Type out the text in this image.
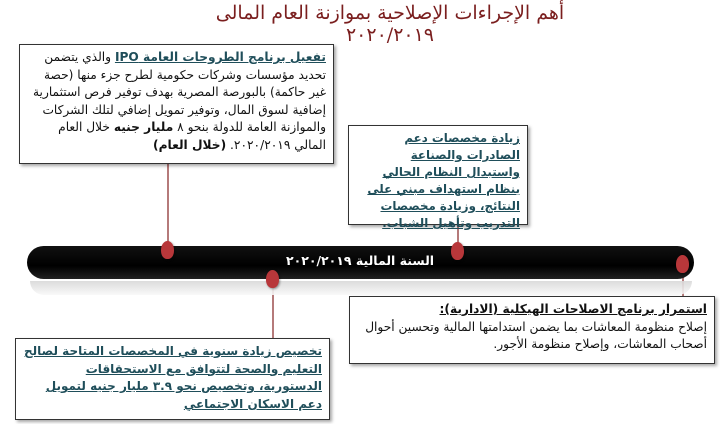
أهم الإجراءات الإصلاحية بموازنة العام المالى ٢٠٢٠/٢٠١٩
السنة المالية ٢٠٢٠/٢٠١٩
تفعيل برنامج الطروحات العامة IPO والذي يتضمن تحديد مؤسسات وشركات حكومية لطرح جزء منها (حصة غير حاكمة) بالبورصة المصرية بهدف توفير فرص استثمارية إضافية لسوق المال، وتوفير تمويل إضافي لتلك الشركات والموازنة العامة للدولة بنحو ٨ مليار جنيه خلال العام المالي ٢٠٢٠/٢٠١٩. (خلال العام)	زيادة مخصصات دعم الصادرات والصناعة واستبدال النظام الحالي بنظام استهداف مبني على النتائج، وزيادة مخصصات التدريب وتأهيل الشباب.
استمرار برنامج الاصلاحات الهيكلية (الادارية):
إصلاح منظومة المعاشات بما يضمن استدامتها المالية وتحسين أحوال أصحاب المعاشات، وإصلاح منظومة الأجور.
تخصيص زيادة سنوية في المخصصات المتاحة لصالح التعليم والصحة لتتوافق مع الاستحقاقات الدستورية، وتخصيص نحو ٣.٩ مليار جنيه لتمويل دعم الاسكان الاجتماعي
